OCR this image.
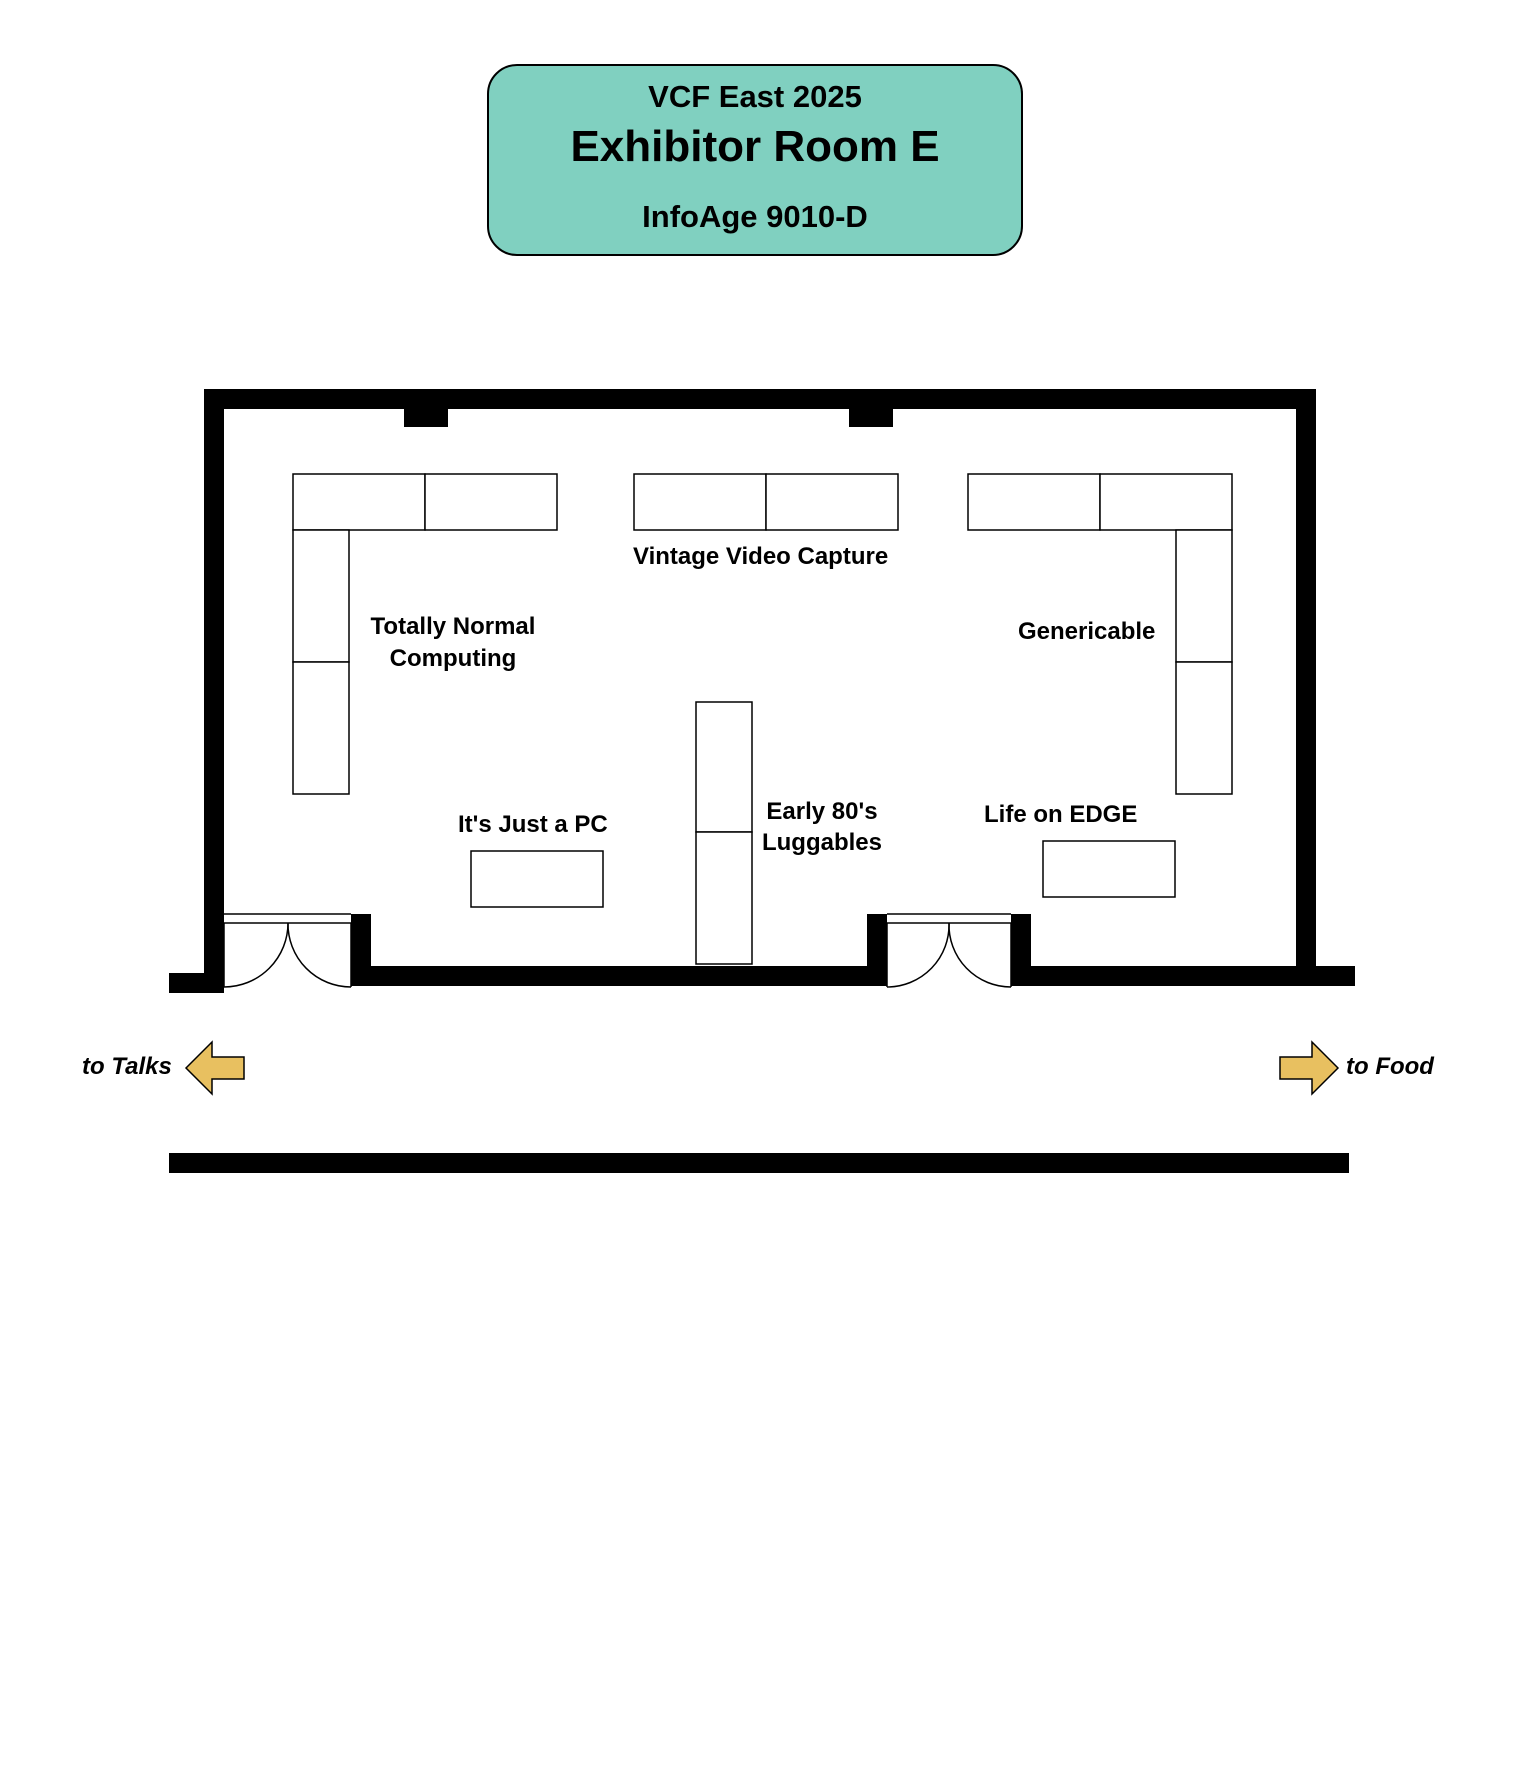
VCF East 2025
Exhibitor Room E
InfoAge 9010-D
Totally Normal Computing
Vintage Video Capture
Genericable
It's Just a PC	Early 80's Luggables
Life on EDGE
to Talks	to Food
